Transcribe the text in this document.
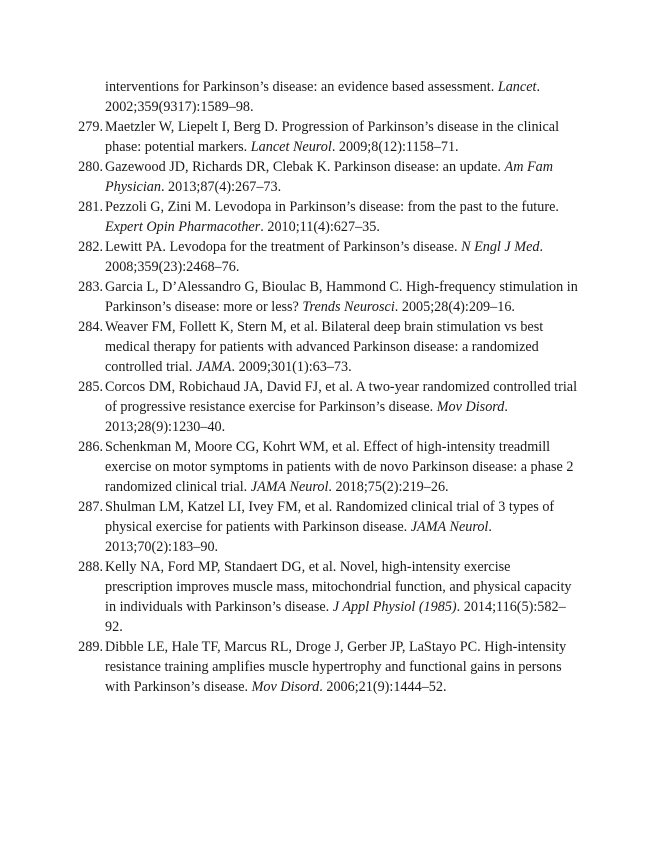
interventions for Parkinson’s disease: an evidence based assessment. Lancet. 2002;359(9317):1589–98.

279. Maetzler W, Liepelt I, Berg D. Progression of Parkinson’s disease in the clinical phase: potential markers. Lancet Neurol. 2009;8(12):1158–71.

280. Gazewood JD, Richards DR, Clebak K. Parkinson disease: an update. Am Fam Physician. 2013;87(4):267–73.

281. Pezzoli G, Zini M. Levodopa in Parkinson’s disease: from the past to the future. Expert Opin Pharmacother. 2010;11(4):627–35.

282. Lewitt PA. Levodopa for the treatment of Parkinson’s disease. N Engl J Med. 2008;359(23):2468–76.

283. Garcia L, D’Alessandro G, Bioulac B, Hammond C. High-frequency stimulation in Parkinson’s disease: more or less? Trends Neurosci. 2005;28(4):209–16.

284. Weaver FM, Follett K, Stern M, et al. Bilateral deep brain stimulation vs best medical therapy for patients with advanced Parkinson disease: a randomized controlled trial. JAMA. 2009;301(1):63–73.

285. Corcos DM, Robichaud JA, David FJ, et al. A two-year randomized controlled trial of progressive resistance exercise for Parkinson’s disease. Mov Disord. 2013;28(9):1230–40.

286. Schenkman M, Moore CG, Kohrt WM, et al. Effect of high-intensity treadmill exercise on motor symptoms in patients with de novo Parkinson disease: a phase 2 randomized clinical trial. JAMA Neurol. 2018;75(2):219–26.

287. Shulman LM, Katzel LI, Ivey FM, et al. Randomized clinical trial of 3 types of physical exercise for patients with Parkinson disease. JAMA Neurol. 2013;70(2):183–90.

288. Kelly NA, Ford MP, Standaert DG, et al. Novel, high-intensity exercise prescription improves muscle mass, mitochondrial function, and physical capacity in individuals with Parkinson’s disease. J Appl Physiol (1985). 2014;116(5):582–92.

289. Dibble LE, Hale TF, Marcus RL, Droge J, Gerber JP, LaStayo PC. High-intensity resistance training amplifies muscle hypertrophy and functional gains in persons with Parkinson’s disease. Mov Disord. 2006;21(9):1444–52.
